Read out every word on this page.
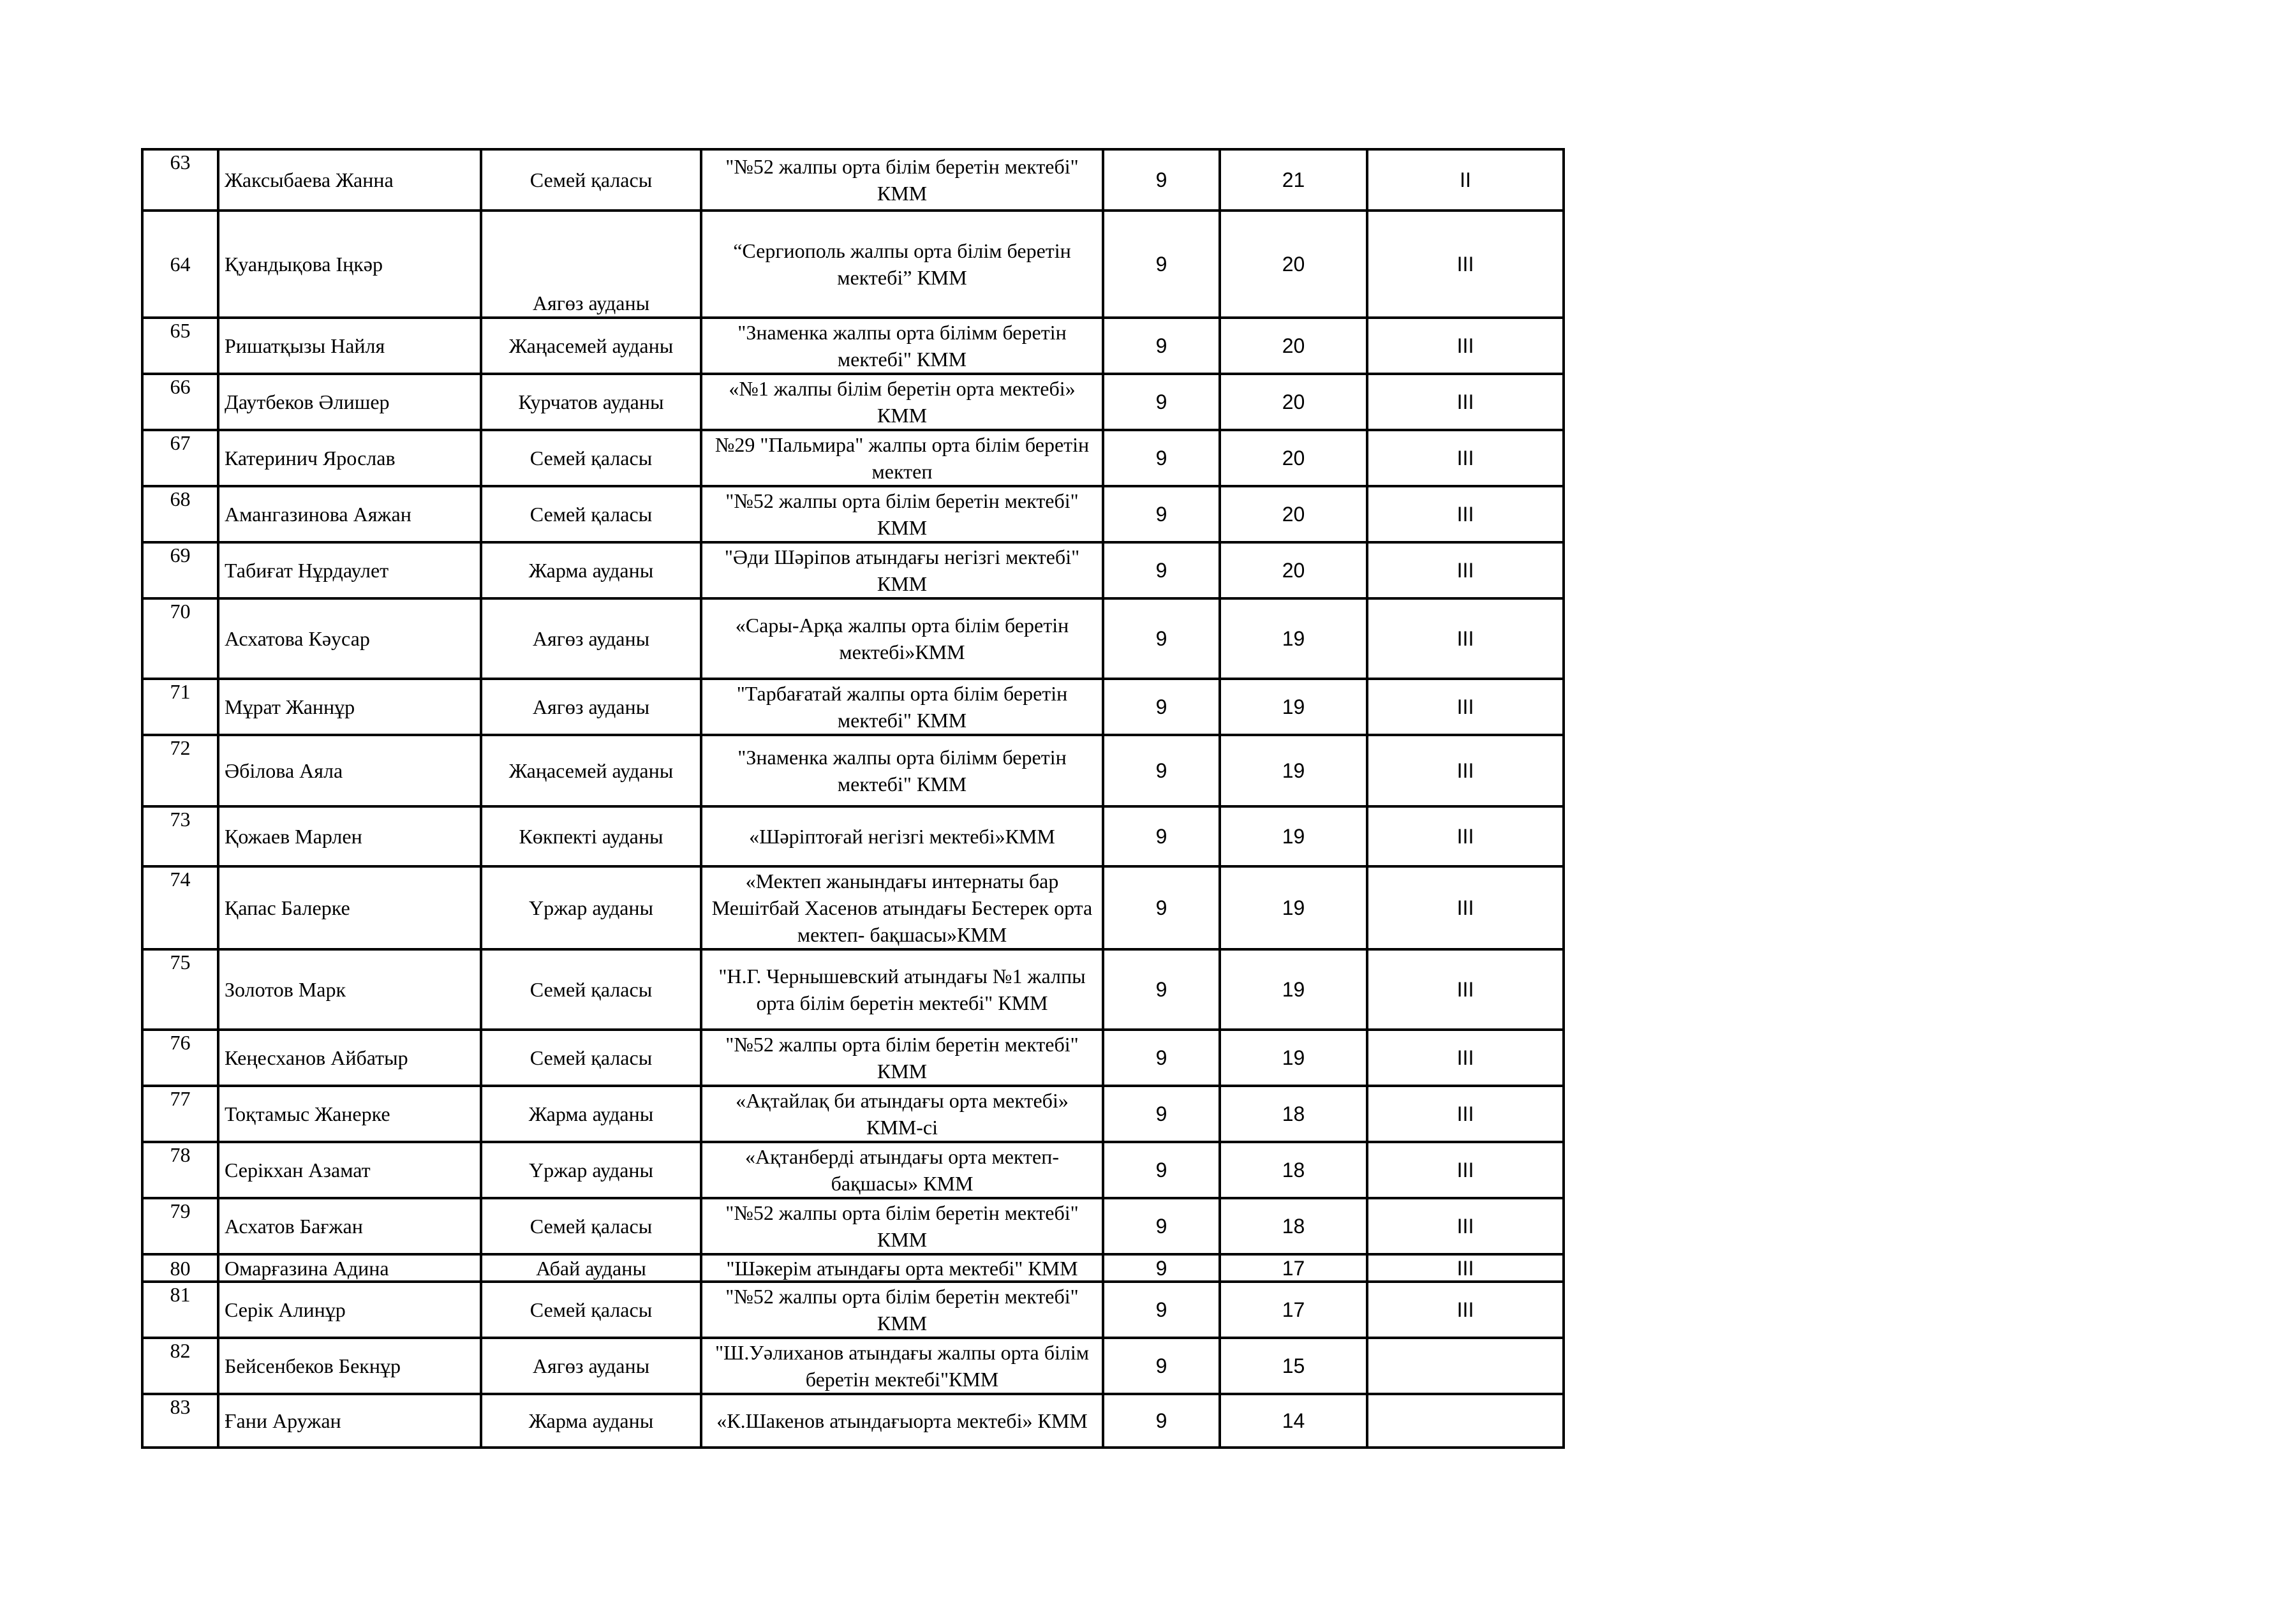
63	Жаксыбаева Жанна	Семей қаласы	"№52 жалпы орта білім беретін мектебі" КММ	9	21	II
64	Қуандықова Іңкәр	Аягөз ауданы	“Сергиополь жалпы орта білім беретін мектебі” КММ	9	20	III
65	Ришатқызы Найля	Жаңасемей ауданы	"Знаменка жалпы орта білімм беретін мектебі" КММ	9	20	III
66	Даутбеков Әлишер	Курчатов ауданы	«№1 жалпы білім беретін орта мектебі» КММ	9	20	III
67	Катеринич Ярослав	Семей қаласы	№29 "Пальмира" жалпы орта білім беретін мектеп	9	20	III
68	Амангазинова Аяжан	Семей қаласы	"№52 жалпы орта білім беретін мектебі" КММ	9	20	III
69	Табиғат Нұрдаулет	Жарма ауданы	"Әди Шәріпов атындағы негізгі мектебі" КММ	9	20	III
70	Асхатова Кәусар	Аягөз ауданы	«Сары-Арқа жалпы орта білім беретін мектебі»КММ	9	19	III
71	Мұрат Жаннұр	Аягөз ауданы	"Тарбағатай жалпы орта білім беретін мектебі" КММ	9	19	III
72	Әбілова Аяла	Жаңасемей ауданы	"Знаменка жалпы орта білімм беретін мектебі" КММ	9	19	III
73	Қожаев Марлен	Көкпекті ауданы	«Шәріптоғай негізгі мектебі»КММ	9	19	III
74	Қапас Балерке	Үржар ауданы	«Мектеп жанындағы интернаты бар Мешітбай Хасенов атындағы Бестерек орта мектеп- бақшасы»КММ	9	19	III
75	Золотов Марк	Семей қаласы	"Н.Г. Чернышевский атындағы №1 жалпы орта білім беретін мектебі" КММ	9	19	III
76	Кеңесханов Айбатыр	Семей қаласы	"№52 жалпы орта білім беретін мектебі" КММ	9	19	III
77	Тоқтамыс Жанерке	Жарма ауданы	«Ақтайлақ би атындағы орта мектебі» КММ-сі	9	18	III
78	Серікхан Азамат	Үржар ауданы	«Ақтанберді атындағы орта мектеп-бақшасы» КММ	9	18	III
79	Асхатов Бағжан	Семей қаласы	"№52 жалпы орта білім беретін мектебі" КММ	9	18	III
80	Омарғазина Адина	Абай ауданы	"Шәкерім атындағы орта мектебі" КММ	9	17	III
81	Серік Алинұр	Семей қаласы	"№52 жалпы орта білім беретін мектебі" КММ	9	17	III
82	Бейсенбеков Бекнұр	Аягөз ауданы	"Ш.Уәлиханов атындағы жалпы орта білім беретін мектебі"КММ	9	15	
83	Ғани Аружан	Жарма ауданы	«К.Шакенов атындағыорта мектебі» КММ	9	14	
